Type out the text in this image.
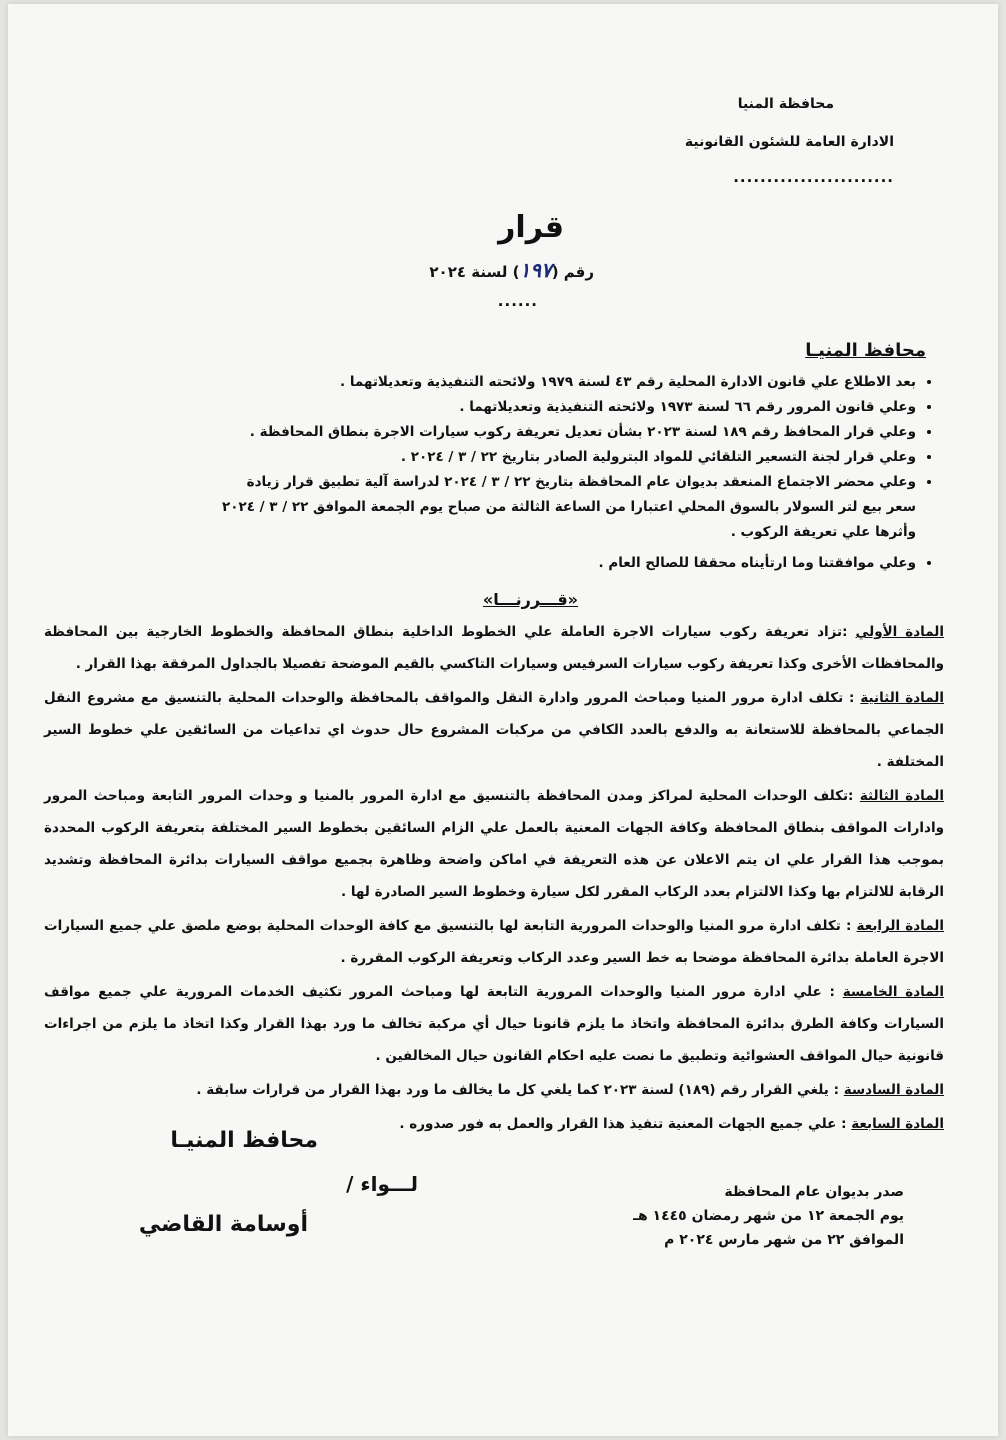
محافظة المنيا
الادارة العامة للشئون القانونية
........................
قرار
رقم (١٩٧) لسنة ٢٠٢٤
......
محافظ المنيـا
• بعد الاطلاع علي قانون الادارة المحلية رقم ٤٣ لسنة ١٩٧٩ ولائحته التنفيذية وتعديلاتهما .
• وعلي قانون المرور رقم ٦٦ لسنة ١٩٧٣ ولائحته التنفيذية وتعديلاتهما .
• وعلي قرار المحافظ رقم ١٨٩ لسنة ٢٠٢٣ بشأن تعديل تعريفة ركوب سيارات الاجرة بنطاق المحافظة .
• وعلي قرار لجنة التسعير التلقائي للمواد البترولية الصادر بتاريخ ٢٢ / ٣ / ٢٠٢٤ .
• وعلي محضر الاجتماع المنعقد بديوان عام المحافظة بتاريخ ٢٢ / ٣ / ٢٠٢٤ لدراسة آلية تطبيق قرار زيادة سعر بيع لتر السولار بالسوق المحلي اعتبارا من الساعة الثالثة من صباح يوم الجمعة الموافق ٢٢ / ٣ / ٢٠٢٤ وأثرها علي تعريفة الركوب .
• وعلي موافقتنا وما ارتأيناه محققا للصالح العام .
«قـــررنـــا»

المادة الأولي :تزاد تعريفة ركوب سيارات الاجرة العاملة علي الخطوط الداخلية بنطاق المحافظة والخطوط الخارجية بين المحافظة والمحافظات الأخرى وكذا تعريفة ركوب سيارات السرفيس وسيارات التاكسي بالقيم الموضحة تفصيلا بالجداول المرفقة بهذا القرار .

المادة الثانية : تكلف ادارة مرور المنيا ومباحث المرور وادارة النقل والمواقف بالمحافظة والوحدات المحلية بالتنسيق مع مشروع النقل الجماعي بالمحافظة للاستعانة به والدفع بالعدد الكافي من مركبات المشروع حال حدوث اي تداعيات من السائقين علي خطوط السير المختلفة .

المادة الثالثة :تكلف الوحدات المحلية لمراكز ومدن المحافظة بالتنسيق مع ادارة المرور بالمنيا و وحدات المرور التابعة ومباحث المرور وادارات المواقف بنطاق المحافظة وكافة الجهات المعنية بالعمل علي الزام السائقين بخطوط السير المختلفة بتعريفة الركوب المحددة بموجب هذا القرار علي ان يتم الاعلان عن هذه التعريفة في اماكن واضحة وظاهرة بجميع مواقف السيارات بدائرة المحافظة وتشديد الرقابة للالتزام بها وكذا الالتزام بعدد الركاب المقرر لكل سيارة وخطوط السير الصادرة لها .

المادة الرابعة : تكلف ادارة مرو المنيا والوحدات المرورية التابعة لها بالتنسيق مع كافة الوحدات المحلية بوضع ملصق علي جميع السيارات الاجرة العاملة بدائرة المحافظة موضحا به خط السير وعدد الركاب وتعريفة الركوب المقررة .

المادة الخامسة : علي ادارة مرور المنيا والوحدات المرورية التابعة لها ومباحث المرور تكثيف الخدمات المرورية علي جميع مواقف السيارات وكافة الطرق بدائرة المحافظة واتخاذ ما يلزم قانونا حيال أي مركبة تخالف ما ورد بهذا القرار وكذا اتخاذ ما يلزم من اجراءات قانونية حيال المواقف العشوائية وتطبيق ما نصت عليه احكام القانون حيال المخالفين .

المادة السادسة : يلغي القرار رقم (١٨٩) لسنة ٢٠٢٣ كما يلغي كل ما يخالف ما ورد بهذا القرار من قرارات سابقة .

المادة السابعة : علي جميع الجهات المعنية تنفيذ هذا القرار والعمل به فور صدوره .

محافظ المنيـا
لـــواء /
أوسامة القاضي
صدر بديوان عام المحافظة
يوم الجمعة ١٢ من شهر رمضان ١٤٤٥ هـ
الموافق ٢٢ من شهر مارس ٢٠٢٤ م
